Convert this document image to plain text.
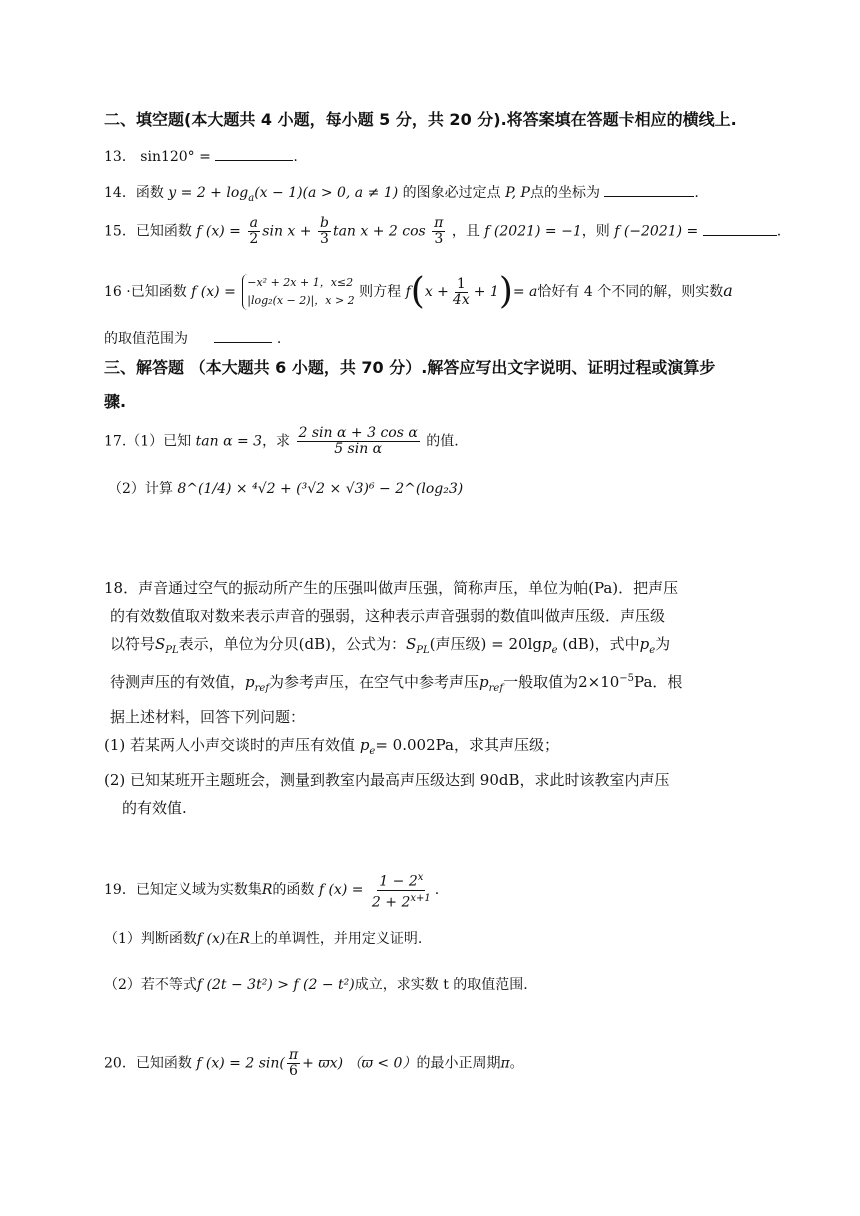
二、填空题(本大题共 4 小题，每小题 5 分，共 20 分).将答案填在答题卡相应的横线上.
13． sin120° =	.
14．函数 $y = 2 + \log_a(x - 1)(a > 0$, a ≠ 1) 的图象必过定点 P, P点的坐标为	.
15．已知函数 f $(x) = \frac{a}{2}$ $\sin x + \frac{b}{3}$ tan x + 2 $\cos \frac{\pi}{3}$ ，且 f (2021) = −1，则 f (−2021) =	.
16 ·已知函数 f (x) = −x² + 2x + 1，x≤2
|log₂(x − 2)|，x > 2 则方程 $f(x + \frac{1}{4x} + 1)= a$恰好有 4 个不同的解，则实数a
的取值范围为	.
三、解答题 （本大题共 6 小题，共 70 分）.解答应写出文字说明、证明过程或演算步
骤.
17.（1）已知 tan α = 3，求 $\frac{\text{2 sin α + 3 cos α}}{\text{5 sin α}}$ 的值.
（2）计算 8^(1/4) × ⁴√2 + (³√2 × √3)⁶ − 2^(log₂3)
18．声音通过空气的振动所产生的压强叫做声压强，简称声压，单位为帕(Pa)．把声压
的有效数值取对数来表示声音的强弱，这种表示声音强弱的数值叫做声压级．声压级
以符号$S_{PL}$表示，单位为分贝(dB)，公式为：$S_{PL}$(声压级) = 20lgp$_e$ (dB)，式中$p_e$为
待测声压的有效值，$p_{ref}$为参考声压，在空气中参考声压$p_{ref}$一般取值为$2\times 10^{-5}Pa$．根
据上述材料，回答下列问题：
(1) 若某两人小声交谈时的声压有效值 $p_e= 0.002Pa$，求其声压级；
(2) 已知某班开主题班会，测量到教室内最高声压级达到 90dB，求此时该教室内声压
的有效值.
19．已知定义域为实数集R的函数 f $(x) = \frac{1 - 2^x}{2 + 2^{x+1}}$ .
（1）判断函数f (x)在R上的单调性，并用定义证明.
（2）若不等式f (2t − 3t²) > f (2 − t²)成立，求实数 t 的取值范围.
20．已知函数 f (x) = 2 $\sin( \frac{\pi}{6} + ϖx)$ （ϖ < 0）的最小正周期π。
